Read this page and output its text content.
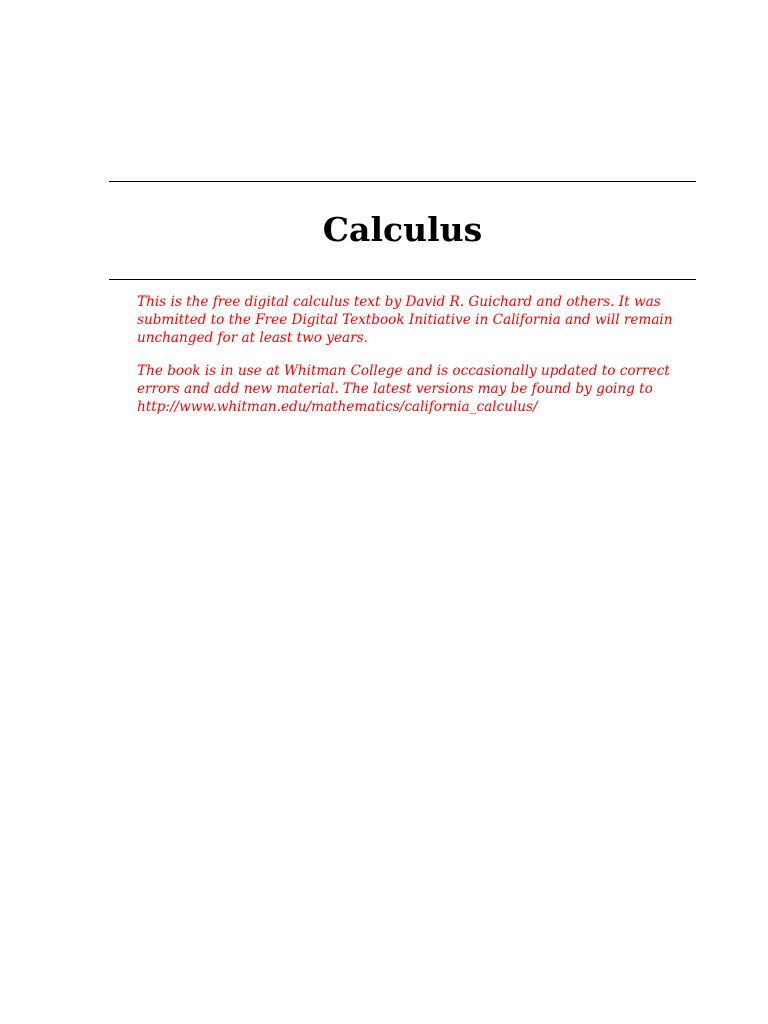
Calculus

This is the free digital calculus text by David R. Guichard and others. It was
submitted to the Free Digital Textbook Initiative in California and will remain
unchanged for at least two years.

The book is in use at Whitman College and is occasionally updated to correct
errors and add new material. The latest versions may be found by going to
http://www.whitman.edu/mathematics/california_calculus/
